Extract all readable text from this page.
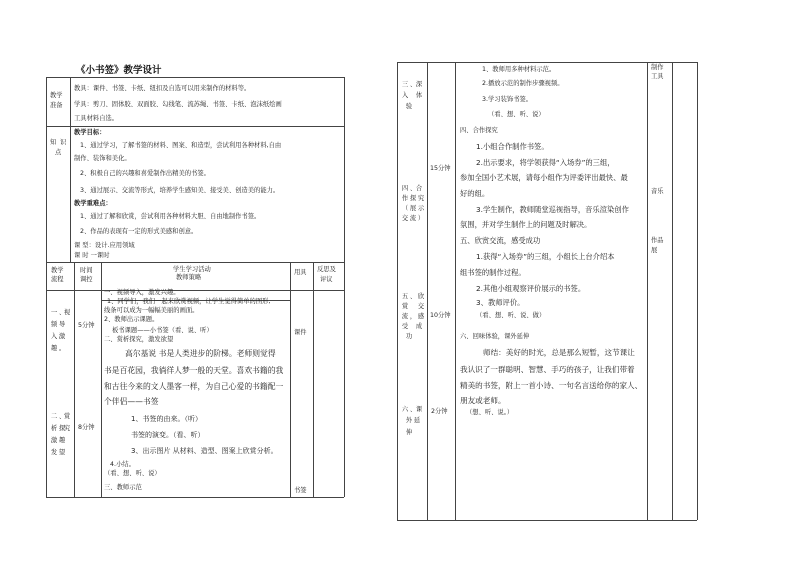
《小书签》教学设计
教学
准备
教具：课件、书签、卡纸、纽扣及自选可以用来制作的材料等。
学具：剪刀、固体胶、双面胶、勾线笔、流苏绳、书签、卡纸、泡沫纸绘画
工具材料自选。
知 识
点
教学目标：
1、通过学习，了解书签的材料、图案、和造型，尝试利用各种材料,自由
制作、装饰和美化。
2、积极自己的兴趣和喜爱制作出精美的书签。
3、通过展示、交流等形式，培养学生感知美、接受美、创造美的能力。
教学重难点：
1、通过了解和欣赏，尝试利用各种材料大胆、自由地制作书签。
2、作品的表现有一定的形式美感和创意。
课 型：设计.应用领域
课 时 一课时
教学
流程
时间
调控
学生学习活动
教师策略
用具 反思及
评议
一 、
视
频 导
入 激
趣 。
5分钟
二 、
赏
析 探
究
激 趣
发 望
8分钟
一、视频导入，激发兴趣。
1、同学们，我们一起来欣赏视频，让学生觉得简单的图形,
线条可以成为一幅幅美丽的画面。
2、教师出示课题。
板书课题——小书签（看、说、听）
二、赏析探究，激发欲望
高尔基说 书是人类进步的阶梯。老师则觉得
书是百花园，我徜徉人梦一般的天堂。喜欢书籍的我
和古往今来的文人墨客一样，为自己心爱的书籍配一
个伴侣——书签
1、书签的由来。（听）
书签的演变。（看、听）
3、出示图片 从材料、造型、图案上欣赏分析。
4.小结。
（看、想、听、说）
三、教师示范
课件
书签
三 、 深
入 体
验
四 、 合
作 探 究
（ 展 示
交 流 ）
15分钟
五 、 欣
赏 交
流 ， 感
受 成
功
10分钟
六 、 课
外 延
伸
2分钟
1、教师用多种材料示范。
2.播放示范的制作步骤视频。
3.学习装饰书签。
（看、想、听、说）
四、合作探究
1.小组合作制作书签。
2.出示要求，将学领获得“入场券”的三组，
参加全国小艺术展，请每小组作为评委评出最快、最
好的组。
3.学生制作，教师随堂巡视指导，音乐渲染创作
氛围，并对学生制作上的问题及时解决。
五、欣赏交流，感受成功
1.获得“入场券”的三组，小组长上台介绍本
组书签的制作过程。
2.其他小组观察评价展示的书签。
3、教师评价。
（看、想、听、说、做）
六、回味体验，课外延伸
师结：美好的时光，总是那么短暂，这节课让
我认识了一群聪明、智慧、手巧的孩子，让我们带着
精美的书签，附上一首小诗、一句名言送给你的家人、
朋友或老师。
（想、听、说。）
制作
工具
音乐
作品
展
